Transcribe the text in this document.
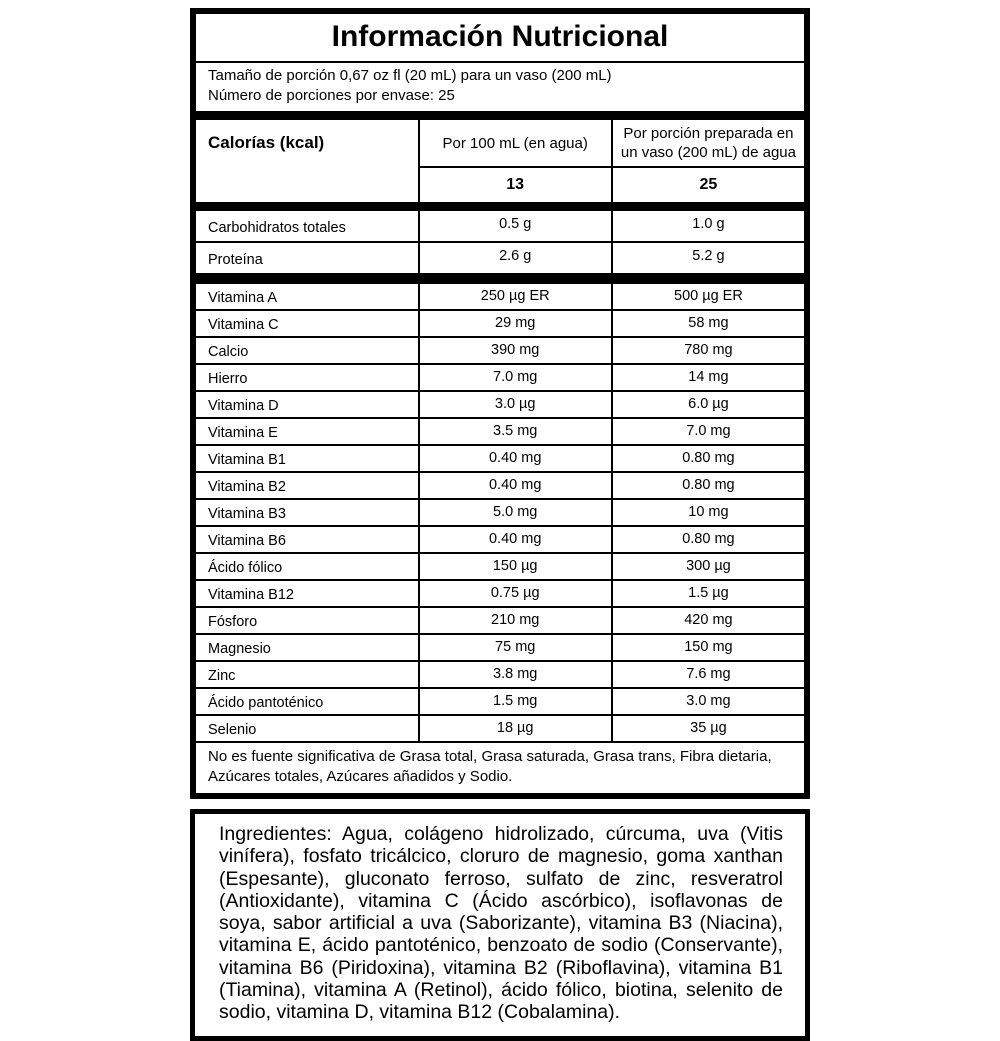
Información Nutricional
Tamaño de porción 0,67 oz fl (20 mL) para un vaso (200 mL)
Número de porciones por envase: 25
Calorías (kcal)	Por 100 mL (en agua)	Por porción preparada en un vaso (200 mL) de agua
	13	25

Carbohidratos totales	0.5 g	1.0 g
Proteína	2.6 g	5.2 g

Vitamina A	250 µg ER	500 µg ER
Vitamina C	29 mg	58 mg
Calcio	390 mg	780 mg
Hierro	7.0 mg	14 mg
Vitamina D	3.0 µg	6.0 µg
Vitamina E	3.5 mg	7.0 mg
Vitamina B1	0.40 mg	0.80 mg
Vitamina B2	0.40 mg	0.80 mg
Vitamina B3	5.0 mg	10 mg
Vitamina B6	0.40 mg	0.80 mg
Ácido fólico	150 µg	300 µg
Vitamina B12	0.75 µg	1.5 µg
Fósforo	210 mg	420 mg
Magnesio	75 mg	150 mg
Zinc	3.8 mg	7.6 mg
Ácido pantoténico	1.5 mg	3.0 mg
Selenio	18 µg	35 µg
No es fuente significativa de Grasa total, Grasa saturada, Grasa trans, Fibra dietaria, Azúcares totales, Azúcares añadidos y Sodio.		
Ingredientes: Agua, colágeno hidrolizado, cúrcuma, uva (Vitis vinífera), fosfato tricálcico, cloruro de magnesio, goma xanthan (Espesante), gluconato ferroso, sulfato de zinc, resveratrol (Antioxidante), vitamina C (Ácido ascórbico), isoflavonas de soya, sabor artificial a uva (Saborizante), vitamina B3 (Niacina), vitamina E, ácido pantoténico, benzoato de sodio (Conservante), vitamina B6 (Piridoxina), vitamina B2 (Riboflavina), vitamina B1 (Tiamina), vitamina A (Retinol), ácido fólico, biotina, selenito de sodio, vitamina D, vitamina B12 (Cobalamina).
